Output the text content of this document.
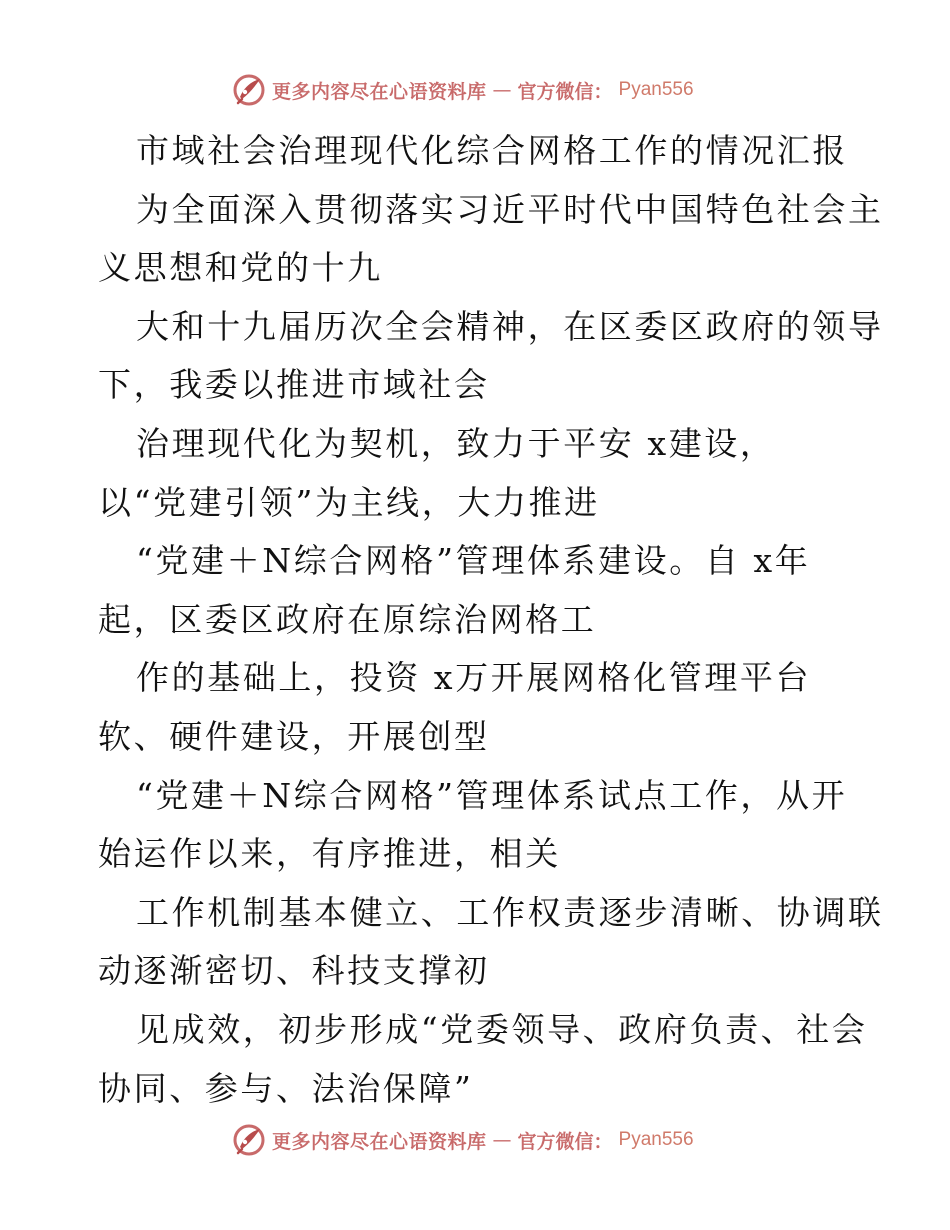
更多内容尽在心语资料库 — 官方微信： Pyan556
市域社会治理现代化综合网格工作的情况汇报
为全面深入贯彻落实习近平时代中国特色社会主
义思想和党的十九
大和十九届历次全会精神，在区委区政府的领导
下，我委以推进市域社会
治理现代化为契机，致力于平安 x建设，
以“党建引领”为主线，大力推进
“党建＋N综合网格”管理体系建设。自 x年
起，区委区政府在原综治网格工
作的基础上，投资 x万开展网格化管理平台
软、硬件建设，开展创型
“党建＋N综合网格”管理体系试点工作，从开
始运作以来，有序推进，相关
工作机制基本健立、工作权责逐步清晰、协调联
动逐渐密切、科技支撑初
见成效，初步形成“党委领导、政府负责、社会
协同、参与、法治保障”
更多内容尽在心语资料库 — 官方微信： Pyan556
